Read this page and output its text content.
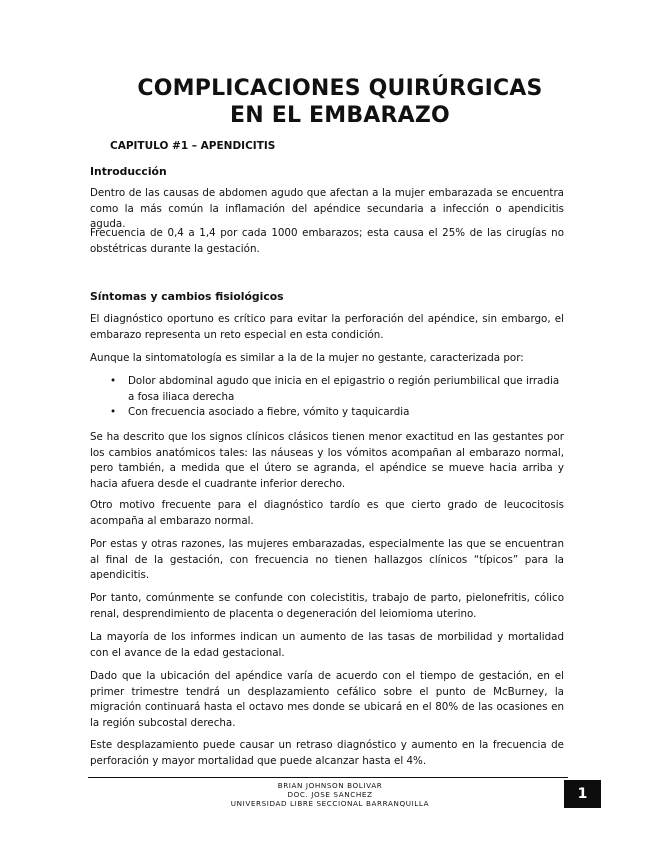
COMPLICACIONES QUIRÚRGICAS
EN EL EMBARAZO
CAPITULO #1 – APENDICITIS
Introducción
Dentro de las causas de abdomen agudo que afectan a la mujer embarazada se encuentra como la más común la inflamación del apéndice secundaria a infección o apendicitis aguda.
Frecuencia de 0,4 a 1,4 por cada 1000 embarazos; esta causa el 25% de las cirugías no obstétricas durante la gestación.
Síntomas y cambios fisiológicos
El diagnóstico oportuno es crítico para evitar la perforación del apéndice, sin embargo, el embarazo representa un reto especial en esta condición.
Aunque la sintomatología es similar a la de la mujer no gestante, caracterizada por:
• Dolor abdominal agudo que inicia en el epigastrio o región periumbilical que irradia a fosa iliaca derecha
• Con frecuencia asociado a fiebre, vómito y taquicardia
Se ha descrito que los signos clínicos clásicos tienen menor exactitud en las gestantes por los cambios anatómicos tales: las náuseas y los vómitos acompañan al embarazo normal, pero también, a medida que el útero se agranda, el apéndice se mueve hacia arriba y hacia afuera desde el cuadrante inferior derecho.
Otro motivo frecuente para el diagnóstico tardío es que cierto grado de leucocitosis acompaña al embarazo normal.
Por estas y otras razones, las mujeres embarazadas, especialmente las que se encuentran al final de la gestación, con frecuencia no tienen hallazgos clínicos “típicos” para la apendicitis.
Por tanto, comúnmente se confunde con colecistitis, trabajo de parto, pielonefritis, cólico renal, desprendimiento de placenta o degeneración del leiomioma uterino.
La mayoría de los informes indican un aumento de las tasas de morbilidad y mortalidad con el avance de la edad gestacional.
Dado que la ubicación del apéndice varía de acuerdo con el tiempo de gestación, en el primer trimestre tendrá un desplazamiento cefálico sobre el punto de McBurney, la migración continuará hasta el octavo mes donde se ubicará en el 80% de las ocasiones en la región subcostal derecha.
Este desplazamiento puede causar un retraso diagnóstico y aumento en la frecuencia de perforación y mayor mortalidad que puede alcanzar hasta el 4%.
BRIAN JOHNSON BOLIVAR
DOC. JOSE SANCHEZ
UNIVERSIDAD LIBRE SECCIONAL BARRANQUILLA
1
